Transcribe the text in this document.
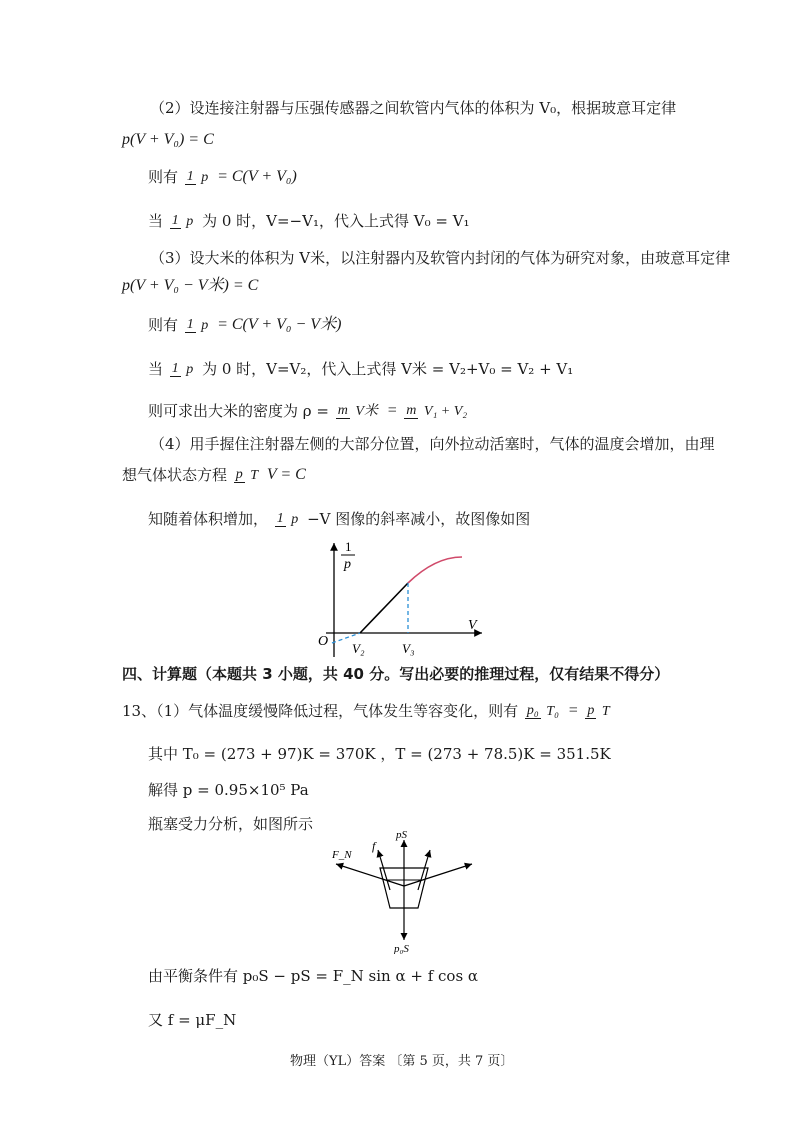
（2）设连接注射器与压强传感器之间软管内气体的体积为 V₀，根据玻意耳定律
p(V + V₀) = C
则有 1 p = C(V + V₀)
当 1 p 为 0 时，V=−V₁，代入上式得 V₀ = V₁
（3）设大米的体积为 V米，以注射器内及软管内封闭的气体为研究对象，由玻意耳定律
p(V + V₀ − V米) = C
则有 1 p = C(V + V₀ − V米)
当 1 p 为 0 时，V=V₂，代入上式得 V米 = V₂+V₀ = V₂ + V₁
则可求出大米的密度为 ρ = m V米 = m V₁ + V₂
（4）用手握住注射器左侧的大部分位置，向外拉动活塞时，气体的温度会增加，由理
想气体状态方程 p T V = C
知随着体积增加， 1 p −V 图像的斜率减小，故图像如图
1
p
V
O V₂	V₃
四、计算题（本题共 3 小题，共 40 分。写出必要的推理过程，仅有结果不得分）
13、（1）气体温度缓慢降低过程，气体发生等容变化，则有 p₀ T₀ = p T
其中 T₀ = (273 + 97)K = 370K ，T = (273 + 78.5)K = 351.5K
解得 p = 0.95×10⁵ Pa
瓶塞受力分析，如图所示
pS
p₀S
f
F_N
由平衡条件有 p₀S − pS = F_N sin α + f cos α
又 f = μF_N
物理（YL）答案 〔第 5 页，共 7 页〕
